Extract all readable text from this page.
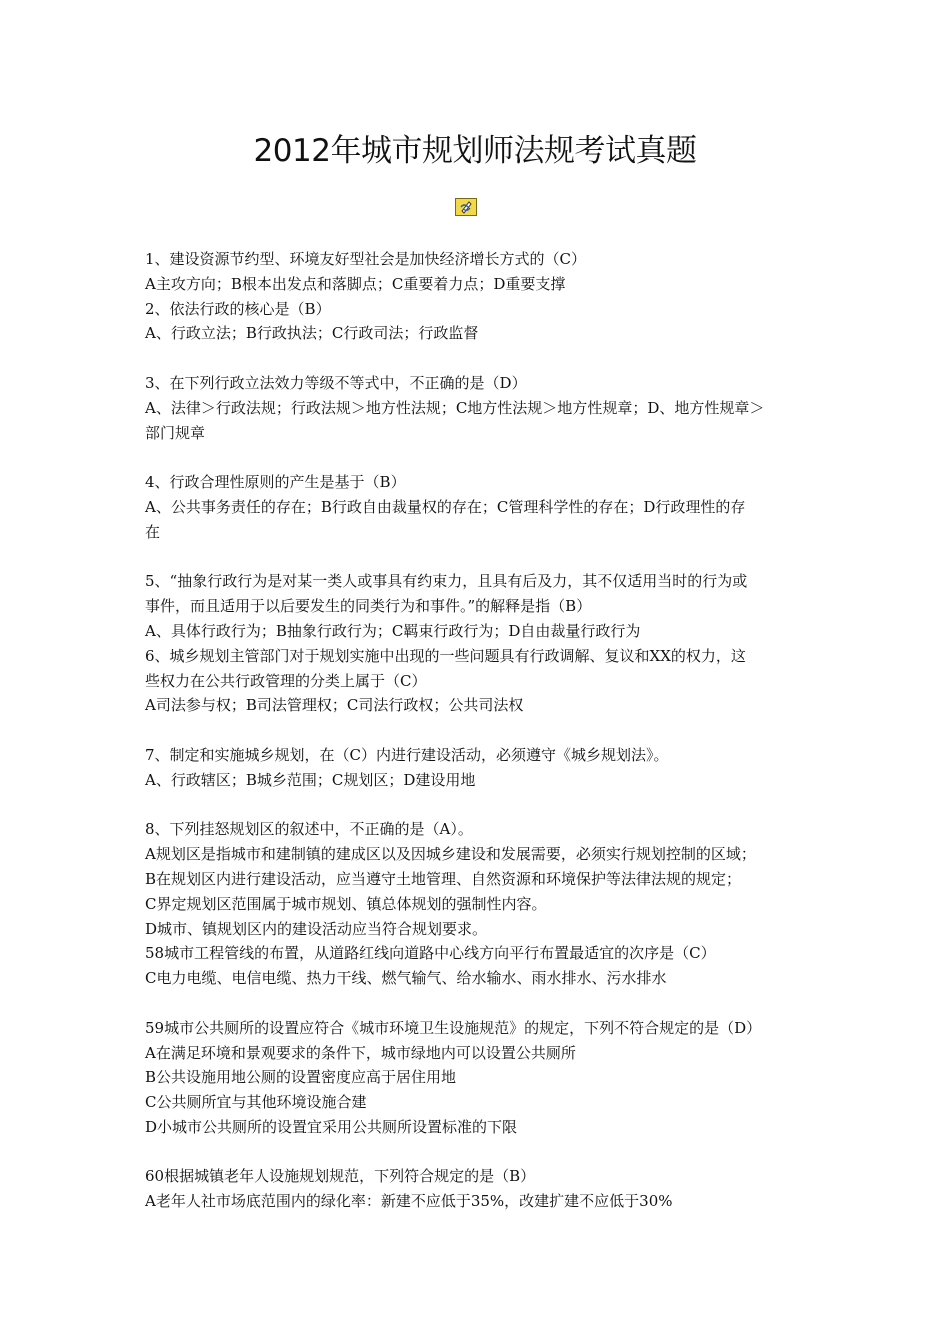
2012年城市规划师法规考试真题
1、建设资源节约型、环境友好型社会是加快经济增长方式的（C）
A主攻方向；B根本出发点和落脚点；C重要着力点；D重要支撑
2、依法行政的核心是（B）
A、行政立法；B行政执法；C行政司法；行政监督
3、在下列行政立法效力等级不等式中，不正确的是（D）
A、法律＞行政法规；行政法规＞地方性法规；C地方性法规＞地方性规章；D、地方性规章＞
部门规章
4、行政合理性原则的产生是基于（B）
A、公共事务责任的存在；B行政自由裁量权的存在；C管理科学性的存在；D行政理性的存
在
5、“抽象行政行为是对某一类人或事具有约束力，且具有后及力，其不仅适用当时的行为或
事件，而且适用于以后要发生的同类行为和事件。”的解释是指（B）
A、具体行政行为；B抽象行政行为；C羁束行政行为；D自由裁量行政行为
6、城乡规划主管部门对于规划实施中出现的一些问题具有行政调解、复议和XX的权力，这
些权力在公共行政管理的分类上属于（C）
A司法参与权；B司法管理权；C司法行政权；公共司法权
7、制定和实施城乡规划，在（C）内进行建设活动，必须遵守《城乡规划法》。
A、行政辖区；B城乡范围；C规划区；D建设用地
8、下列挂怒规划区的叙述中，不正确的是（A）。
A规划区是指城市和建制镇的建成区以及因城乡建设和发展需要，必须实行规划控制的区域；
B在规划区内进行建设活动，应当遵守土地管理、自然资源和环境保护等法律法规的规定；
C界定规划区范围属于城市规划、镇总体规划的强制性内容。
D城市、镇规划区内的建设活动应当符合规划要求。
58城市工程管线的布置，从道路红线向道路中心线方向平行布置最适宜的次序是（C）
C电力电缆、电信电缆、热力干线、燃气输气、给水输水、雨水排水、污水排水
59城市公共厕所的设置应符合《城市环境卫生设施规范》的规定，下列不符合规定的是（D）
A在满足环境和景观要求的条件下，城市绿地内可以设置公共厕所
B公共设施用地公厕的设置密度应高于居住用地
C公共厕所宜与其他环境设施合建
D小城市公共厕所的设置宜采用公共厕所设置标准的下限
60根据城镇老年人设施规划规范，下列符合规定的是（B）
A老年人社市场底范围内的绿化率：新建不应低于35%，改建扩建不应低于30%
